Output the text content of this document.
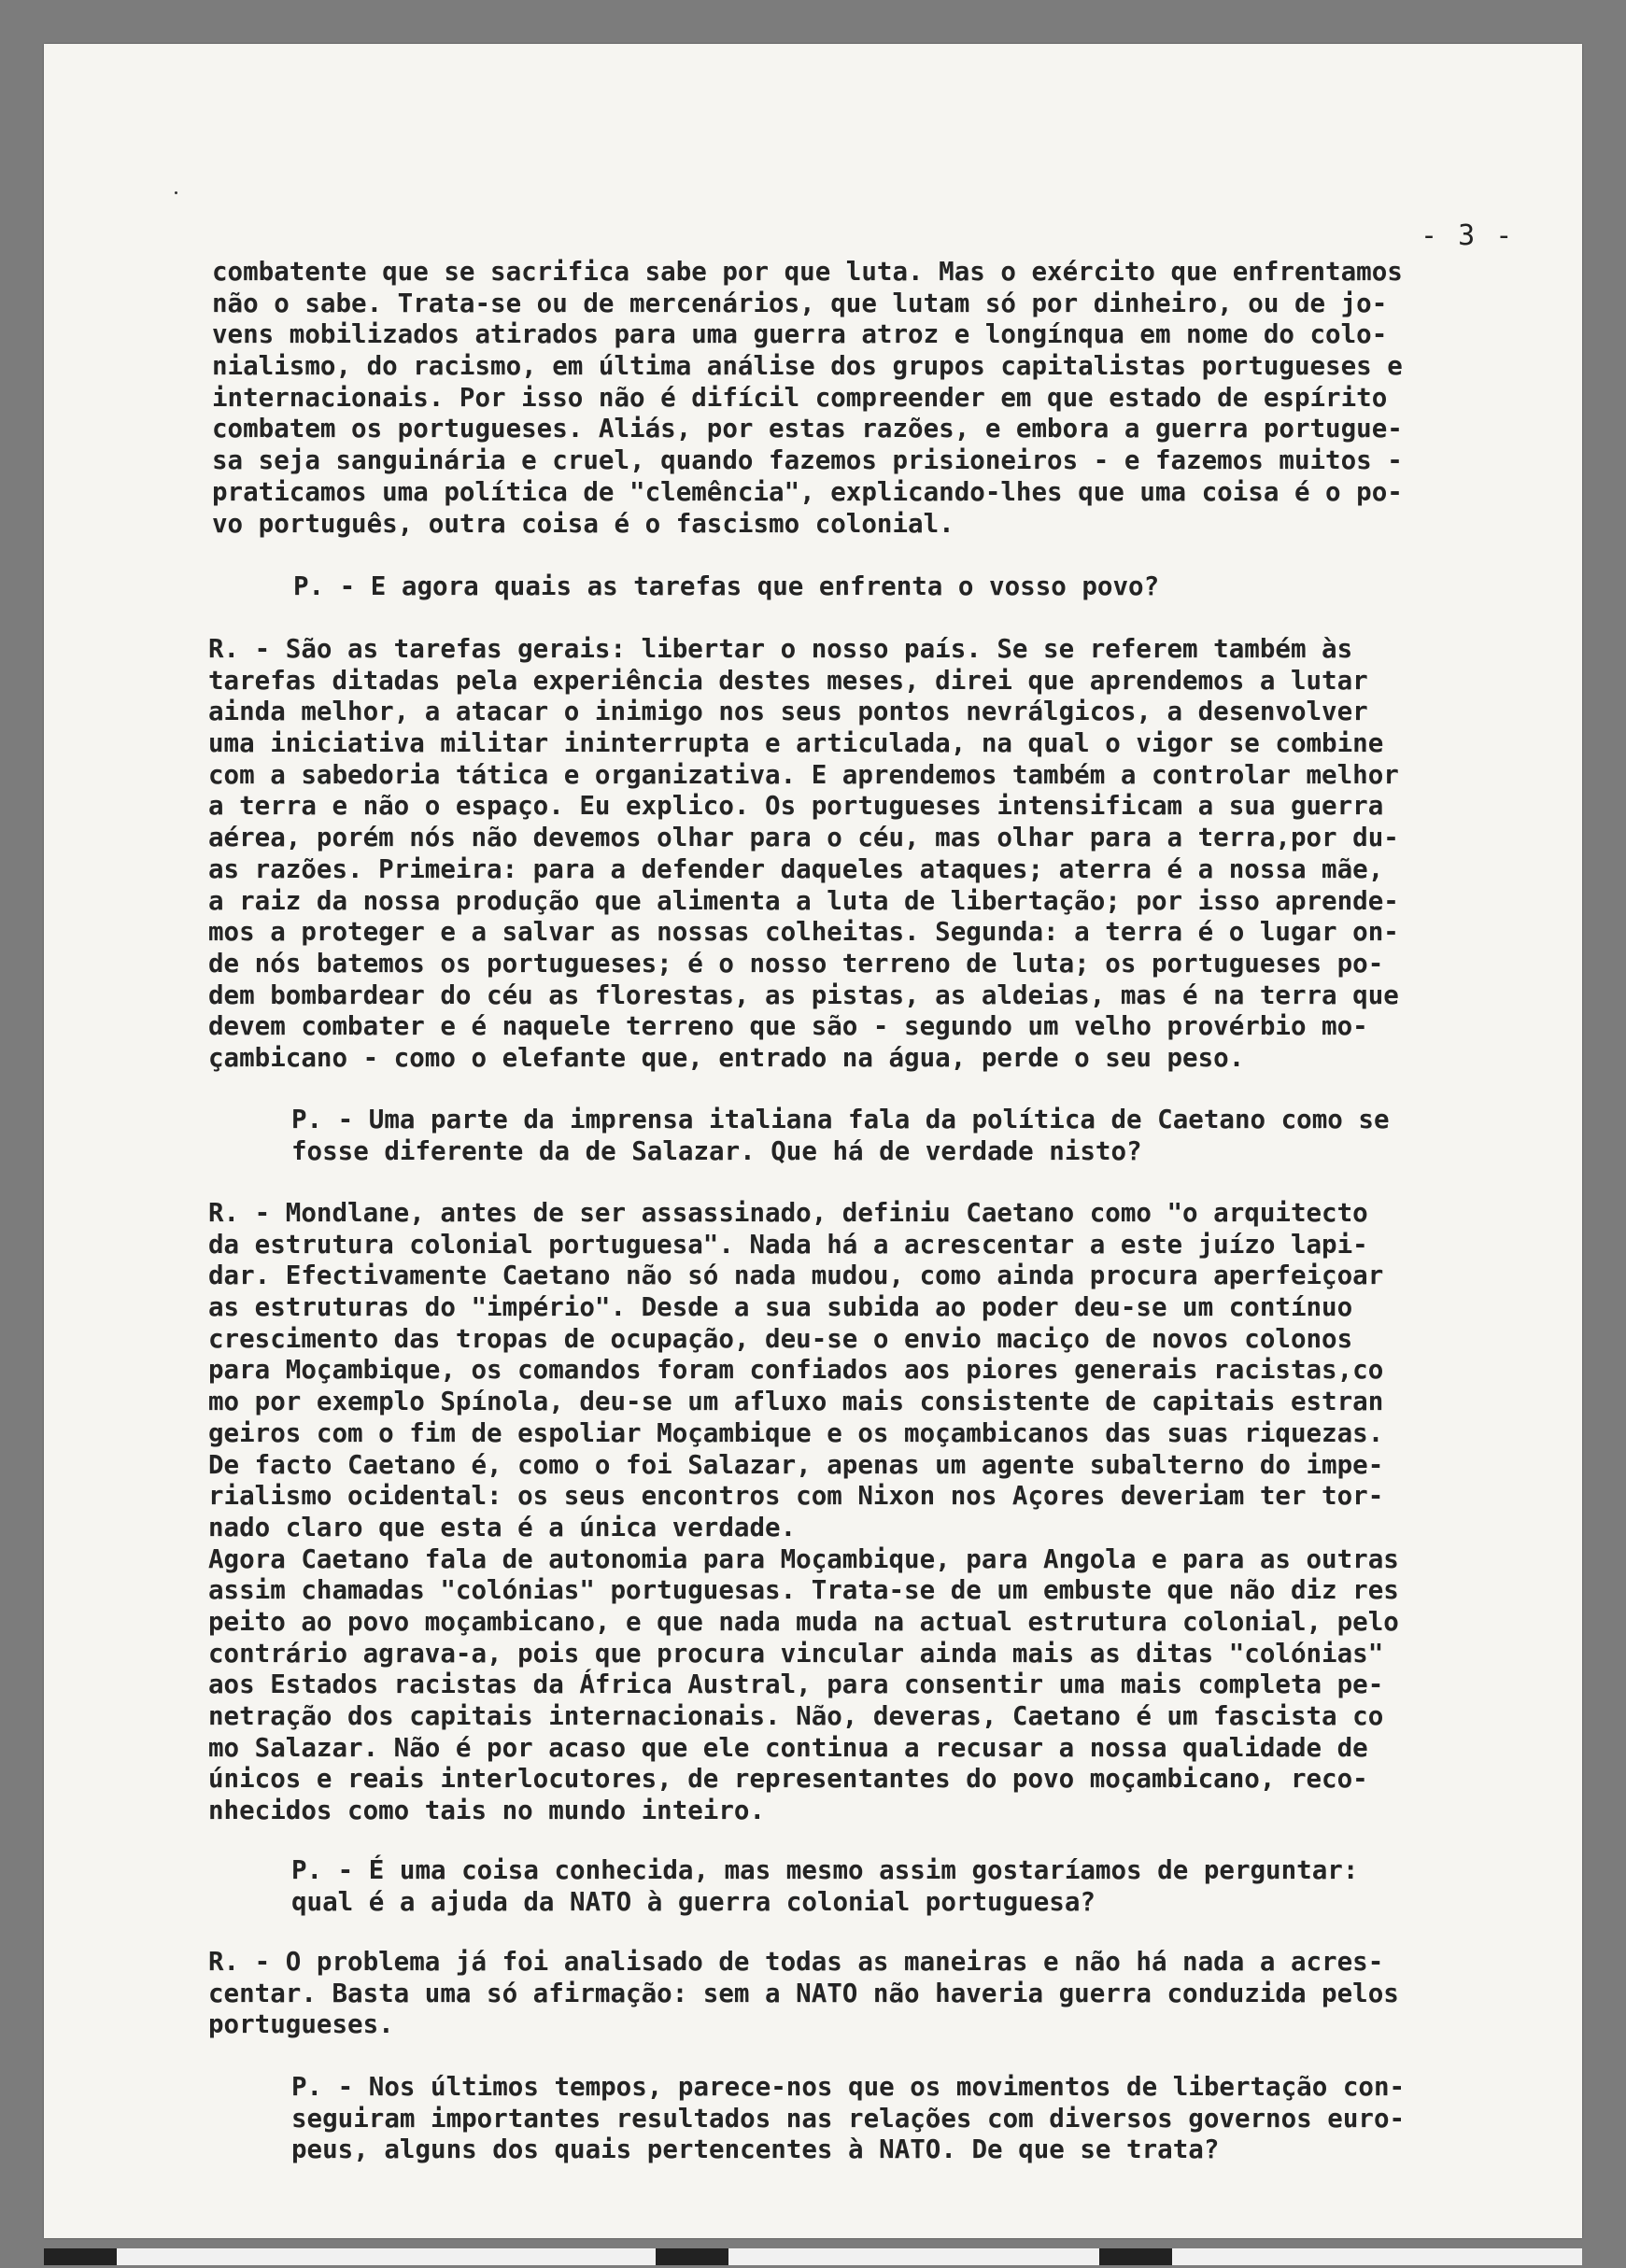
- 3 -
combatente que se sacrifica sabe por que luta. Mas o exército que enfrentamos
não o sabe. Trata-se ou de mercenários, que lutam só por dinheiro, ou de jo-
vens mobilizados atirados para uma guerra atroz e longínqua em nome do colo-
nialismo, do racismo, em última análise dos grupos capitalistas portugueses e
internacionais. Por isso não é difícil compreender em que estado de espírito
combatem os portugueses. Aliás, por estas razões, e embora a guerra portugue-
sa seja sanguinária e cruel, quando fazemos prisioneiros - e fazemos muitos -
praticamos uma política de "clemência", explicando-lhes que uma coisa é o po-
vo português, outra coisa é o fascismo colonial.
P. - E agora quais as tarefas que enfrenta o vosso povo?
R. - São as tarefas gerais: libertar o nosso país. Se se referem também às
tarefas ditadas pela experiência destes meses, direi que aprendemos a lutar
ainda melhor, a atacar o inimigo nos seus pontos nevrálgicos, a desenvolver
uma iniciativa militar ininterrupta e articulada, na qual o vigor se combine
com a sabedoria tática e organizativa. E aprendemos também a controlar melhor
a terra e não o espaço. Eu explico. Os portugueses intensificam a sua guerra
aérea, porém nós não devemos olhar para o céu, mas olhar para a terra,por du-
as razões. Primeira: para a defender daqueles ataques; aterra é a nossa mãe,
a raiz da nossa produção que alimenta a luta de libertação; por isso aprende-
mos a proteger e a salvar as nossas colheitas. Segunda: a terra é o lugar on-
de nós batemos os portugueses; é o nosso terreno de luta; os portugueses po-
dem bombardear do céu as florestas, as pistas, as aldeias, mas é na terra que
devem combater e é naquele terreno que são - segundo um velho provérbio mo-
çambicano - como o elefante que, entrado na água, perde o seu peso.
P. - Uma parte da imprensa italiana fala da política de Caetano como se
fosse diferente da de Salazar. Que há de verdade nisto?
R. - Mondlane, antes de ser assassinado, definiu Caetano como "o arquitecto
da estrutura colonial portuguesa". Nada há a acrescentar a este juízo lapi-
dar. Efectivamente Caetano não só nada mudou, como ainda procura aperfeiçoar
as estruturas do "império". Desde a sua subida ao poder deu-se um contínuo
crescimento das tropas de ocupação, deu-se o envio maciço de novos colonos
para Moçambique, os comandos foram confiados aos piores generais racistas,co
mo por exemplo Spínola, deu-se um afluxo mais consistente de capitais estran
geiros com o fim de espoliar Moçambique e os moçambicanos das suas riquezas.
De facto Caetano é, como o foi Salazar, apenas um agente subalterno do impe-
rialismo ocidental: os seus encontros com Nixon nos Açores deveriam ter tor-
nado claro que esta é a única verdade.
Agora Caetano fala de autonomia para Moçambique, para Angola e para as outras
assim chamadas "colónias" portuguesas. Trata-se de um embuste que não diz res
peito ao povo moçambicano, e que nada muda na actual estrutura colonial, pelo
contrário agrava-a, pois que procura vincular ainda mais as ditas "colónias"
aos Estados racistas da África Austral, para consentir uma mais completa pe-
netração dos capitais internacionais. Não, deveras, Caetano é um fascista co
mo Salazar. Não é por acaso que ele continua a recusar a nossa qualidade de
únicos e reais interlocutores, de representantes do povo moçambicano, reco-
nhecidos como tais no mundo inteiro.
P. - É uma coisa conhecida, mas mesmo assim gostaríamos de perguntar:
qual é a ajuda da NATO à guerra colonial portuguesa?
R. - O problema já foi analisado de todas as maneiras e não há nada a acres-
centar. Basta uma só afirmação: sem a NATO não haveria guerra conduzida pelos
portugueses.
P. - Nos últimos tempos, parece-nos que os movimentos de libertação con-
seguiram importantes resultados nas relações com diversos governos euro-
peus, alguns dos quais pertencentes à NATO. De que se trata?
